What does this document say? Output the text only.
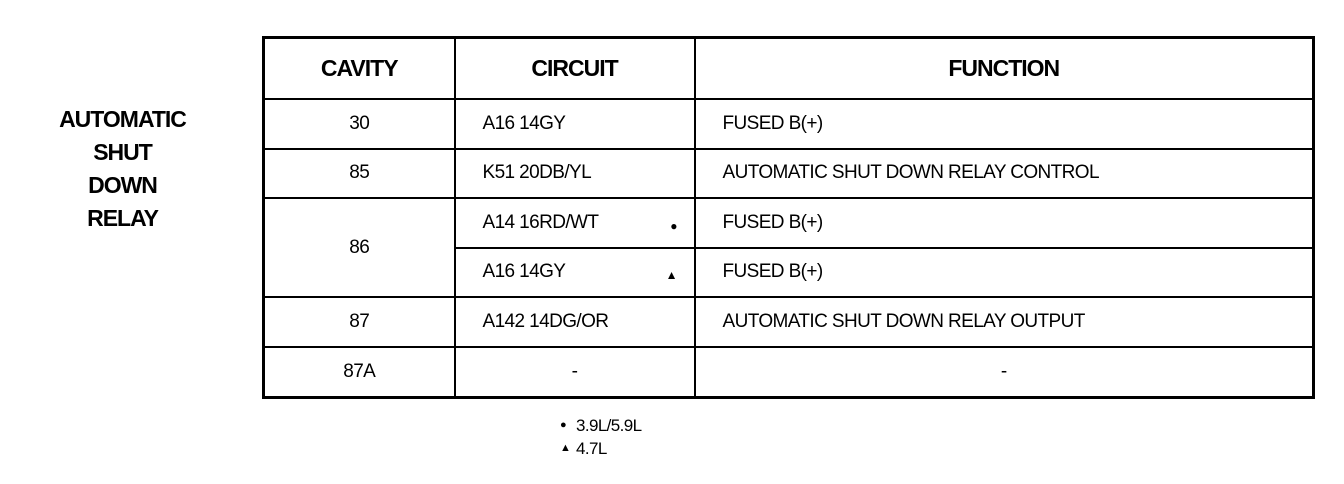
AUTOMATIC
SHUT
DOWN
RELAY
CAVITY	CIRCUIT	FUNCTION
30	A16 14GY	FUSED B(+)
85	K51 20DB/YL	AUTOMATIC SHUT DOWN RELAY CONTROL
86	A14 16RD/WT ●	FUSED B(+)
	A16 14GY ▲	FUSED B(+)
87	A142 14DG/OR	AUTOMATIC SHUT DOWN RELAY OUTPUT
87A	-	-
● 3.9L/5.9L
▲ 4.7L
